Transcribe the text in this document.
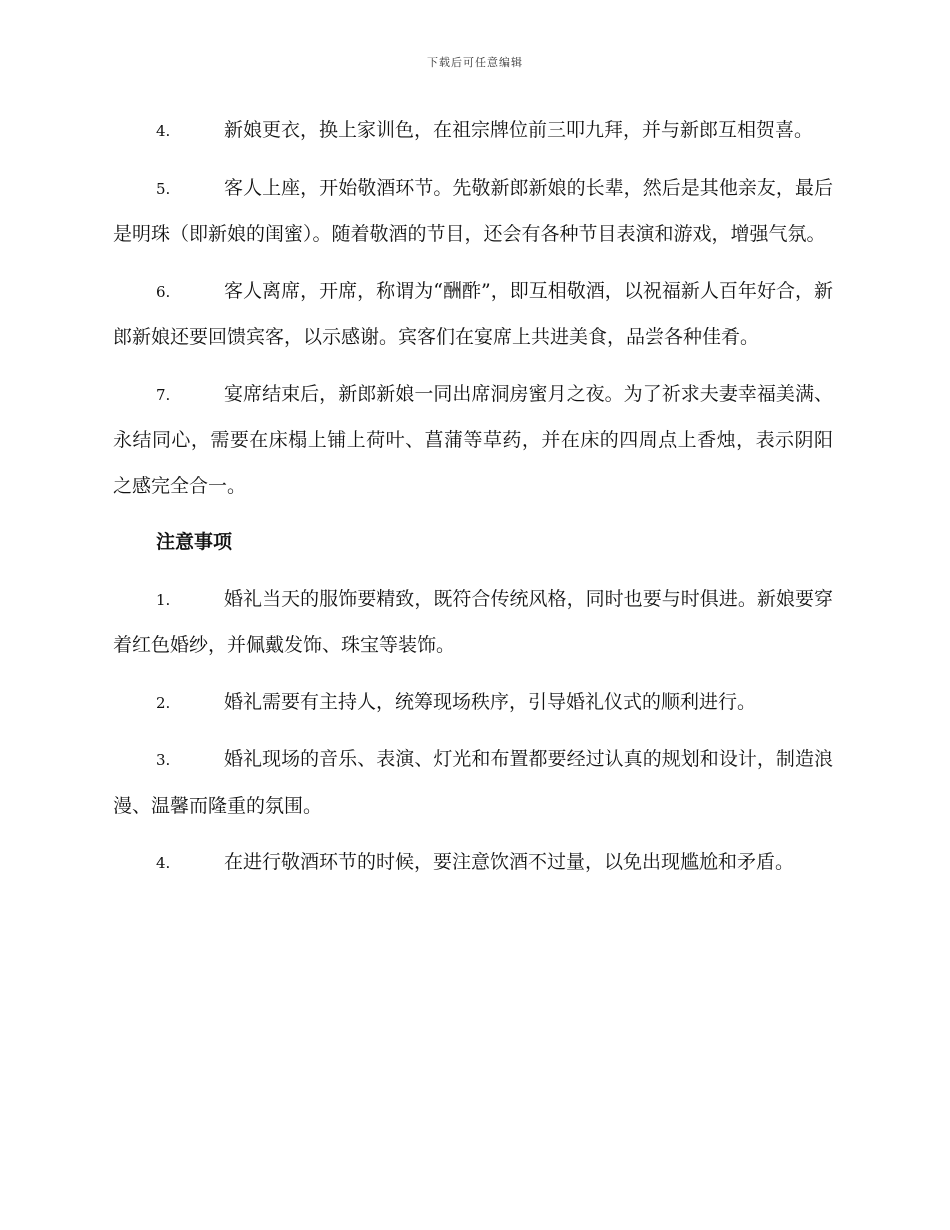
下载后可任意编辑

4.	新娘更衣，换上家训色，在祖宗牌位前三叩九拜，并与新郎互相贺喜。

5.	客人上座，开始敬酒环节。先敬新郎新娘的长辈，然后是其他亲友，最后是明珠（即新娘的闺蜜）。随着敬酒的节目，还会有各种节目表演和游戏，增强气氛。

6.	客人离席，开席，称谓为“酬酢”，即互相敬酒，以祝福新人百年好合，新郎新娘还要回馈宾客，以示感谢。宾客们在宴席上共进美食，品尝各种佳肴。

7.	宴席结束后，新郎新娘一同出席洞房蜜月之夜。为了祈求夫妻幸福美满、永结同心，需要在床榻上铺上荷叶、菖蒲等草药，并在床的四周点上香烛，表示阴阳之感完全合一。

注意事项

1.	婚礼当天的服饰要精致，既符合传统风格，同时也要与时俱进。新娘要穿着红色婚纱，并佩戴发饰、珠宝等装饰。

2.	婚礼需要有主持人，统筹现场秩序，引导婚礼仪式的顺利进行。

3.	婚礼现场的音乐、表演、灯光和布置都要经过认真的规划和设计，制造浪漫、温馨而隆重的氛围。

4.	在进行敬酒环节的时候，要注意饮酒不过量，以免出现尴尬和矛盾。
